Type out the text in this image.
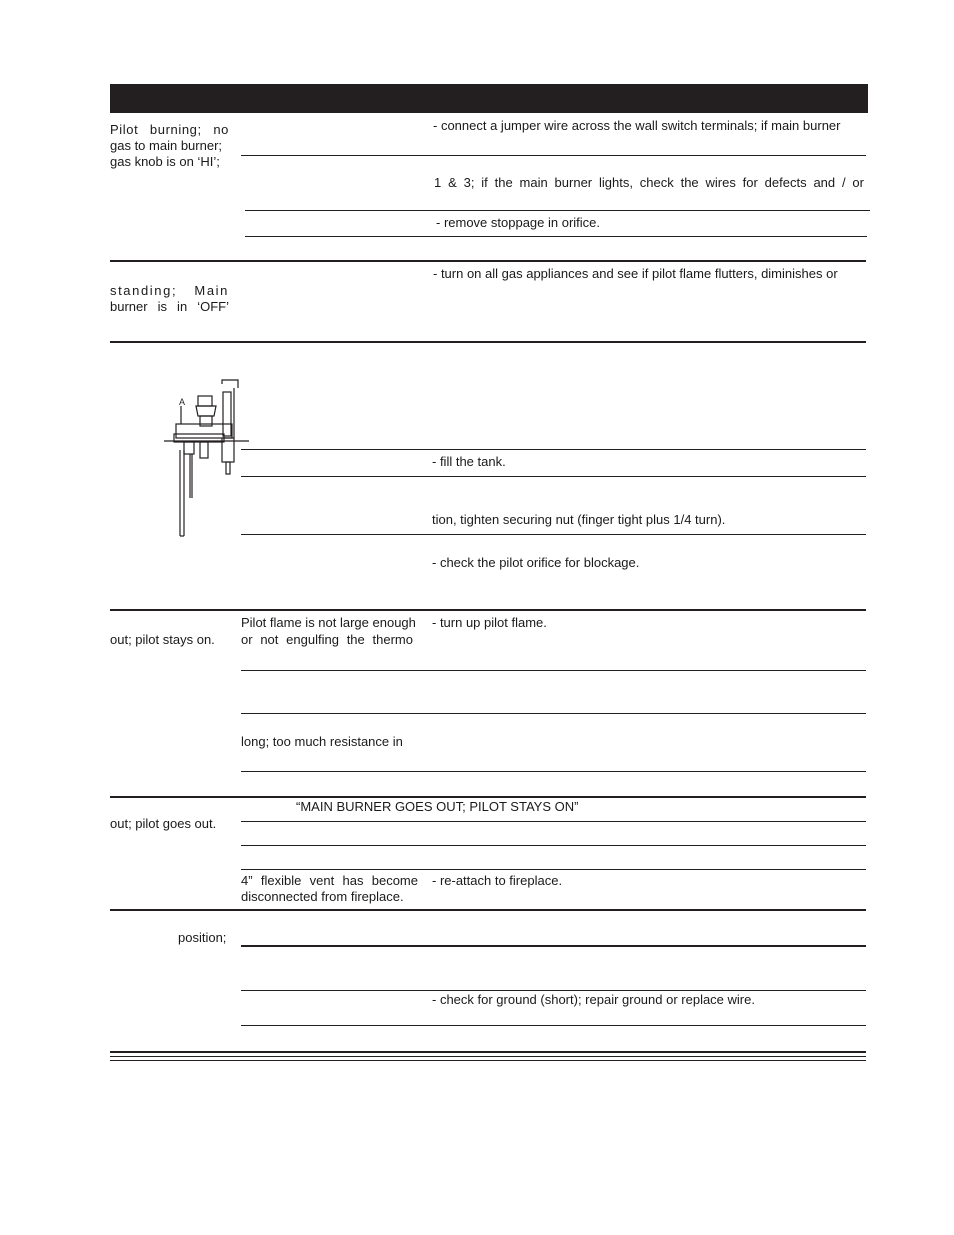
Pilot burning; no
gas to main burner;
gas knob is on ‘HI’;
- connect a jumper wire across the wall switch terminals; if main burner
1 & 3; if the main burner lights, check the wires for defects and / or
- remove stoppage in orifice.
- turn on all gas appliances and see if pilot flame flutters, diminishes or
standing; Main
burner is in ‘OFF’
A
- fill the tank.
tion, tighten securing nut (finger tight plus 1/4 turn).
- check the pilot orifice for blockage.
Pilot flame is not large enough
or not engulfing the thermo
- turn up pilot flame.
out; pilot stays on.
long; too much resistance in
“MAIN BURNER GOES OUT; PILOT STAYS ON”
out; pilot goes out.
4” flexible vent has become
disconnected from fireplace.
- re-attach to fireplace.
position;
- check for ground (short); repair ground or replace wire.
